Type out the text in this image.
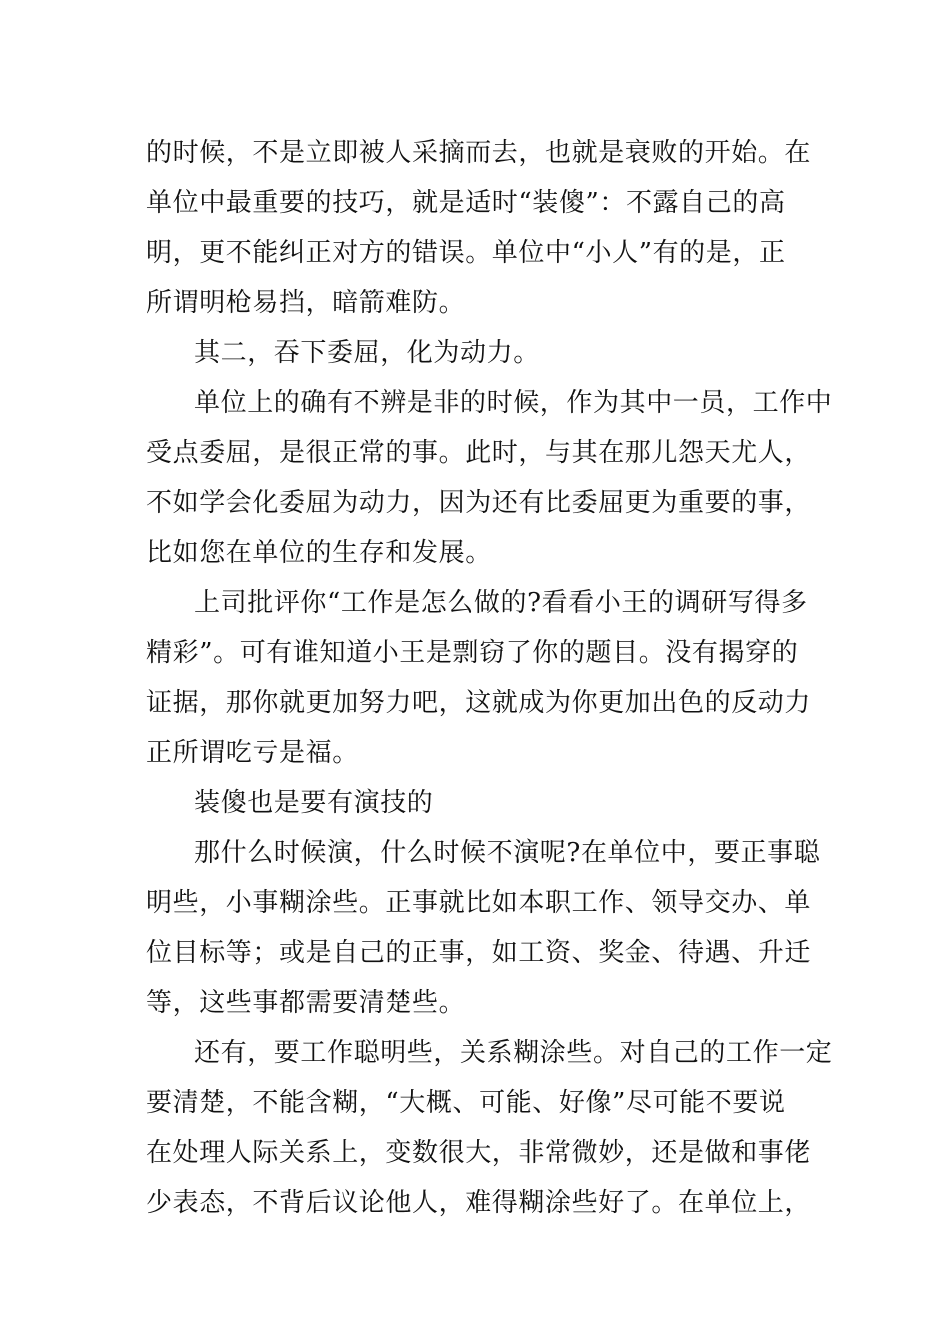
的时候，不是立即被人采摘而去，也就是衰败的开始。在
单位中最重要的技巧，就是适时“装傻”：不露自己的高
明，更不能纠正对方的错误。单位中“小人”有的是，正
所谓明枪易挡，暗箭难防。
其二，吞下委屈，化为动力。
单位上的确有不辨是非的时候，作为其中一员，工作中
受点委屈，是很正常的事。此时，与其在那儿怨天尤人，
不如学会化委屈为动力，因为还有比委屈更为重要的事，
比如您在单位的生存和发展。
上司批评你“工作是怎么做的?看看小王的调研写得多
精彩”。可有谁知道小王是剽窃了你的题目。没有揭穿的
证据，那你就更加努力吧，这就成为你更加出色的反动力
正所谓吃亏是福。
装傻也是要有演技的
那什么时候演，什么时候不演呢?在单位中，要正事聪
明些，小事糊涂些。正事就比如本职工作、领导交办、单
位目标等；或是自己的正事，如工资、奖金、待遇、升迁
等，这些事都需要清楚些。
还有，要工作聪明些，关系糊涂些。对自己的工作一定
要清楚，不能含糊，“大概、可能、好像”尽可能不要说
在处理人际关系上，变数很大，非常微妙，还是做和事佬
少表态，不背后议论他人，难得糊涂些好了。在单位上，
